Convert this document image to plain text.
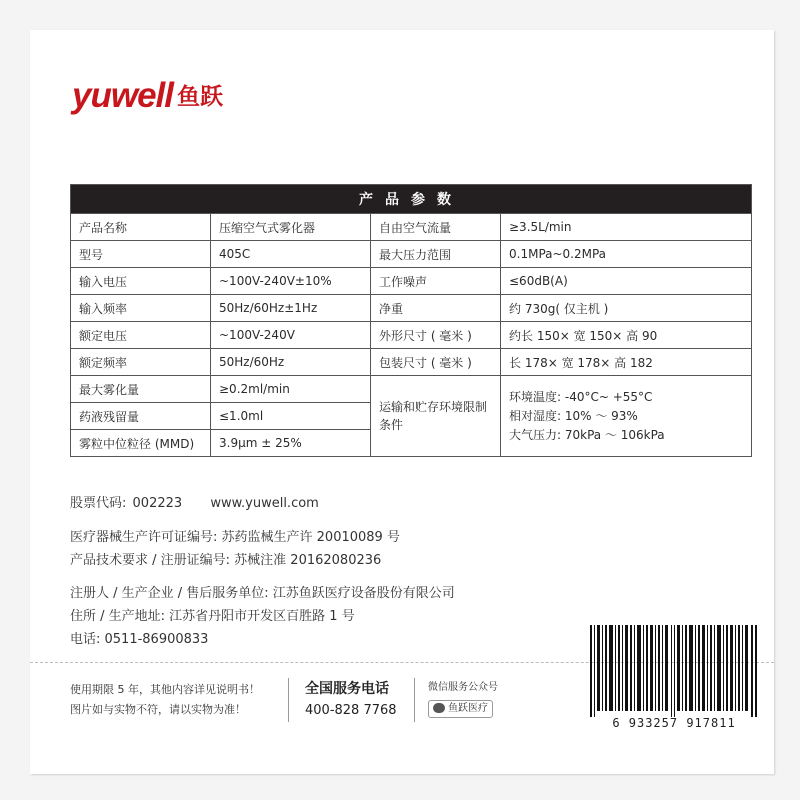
yuwell 鱼跃
产品参数			
产品名称	压缩空气式雾化器	自由空气流量	≥3.5L/min
型号	405C	最大压力范围	0.1MPa~0.2MPa
输入电压	~100V-240V±10%	工作噪声	≤60dB(A)
输入频率	50Hz/60Hz±1Hz	净重	约 730g( 仅主机 )
额定电压	~100V-240V	外形尺寸 ( 毫米 )	约长 150× 宽 150× 高 90
额定频率	50Hz/60Hz	包装尺寸 ( 毫米 )	长 178× 宽 178× 高 182
最大雾化量	≥0.2ml/min	运输和贮存环境限制条件	环境温度: -40°C~ +55°C
相对湿度: 10% ～ 93%
大气压力: 70kPa ～ 106kPa

药液残留量	≤1.0ml		
雾粒中位粒径 (MMD)	3.9μm ± 25%		
股票代码: 002223 www.yuwell.com
医疗器械生产许可证编号: 苏药监械生产许 20010089 号
产品技术要求 / 注册证编号: 苏械注准 20162080236
注册人 / 生产企业 / 售后服务单位: 江苏鱼跃医疗设备股份有限公司
住所 / 生产地址: 江苏省丹阳市开发区百胜路 1 号
电话: 0511-86900833
使用期限 5 年，其他内容详见说明书！
图片如与实物不符，请以实物为准！
全国服务电话
400-828 7768
微信服务公众号
鱼跃医疗
6 933257 917811
